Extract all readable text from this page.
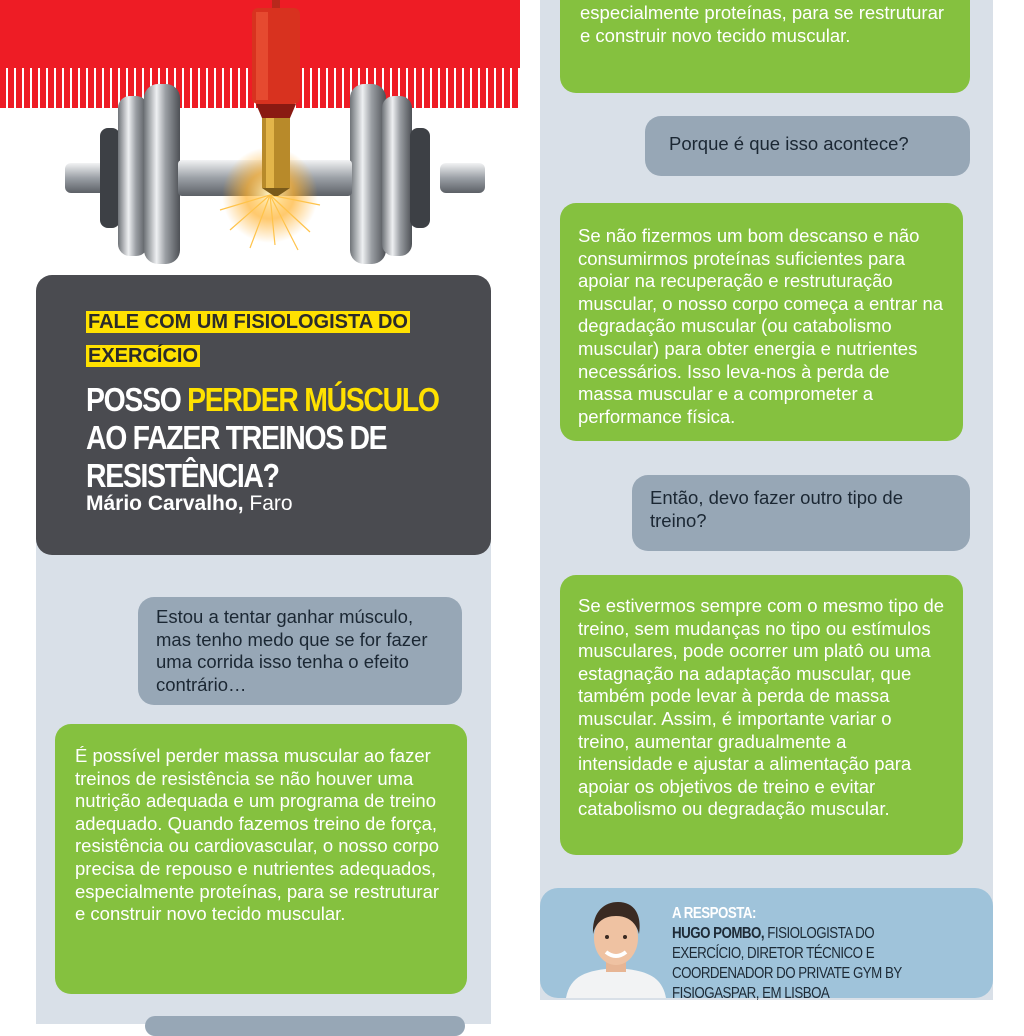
FALE COM UM FISIOLOGISTA DO EXERCÍCIO
POSSO PERDER MÚSCULO AO FAZER TREINOS DE RESISTÊNCIA?
Mário Carvalho, Faro
Estou a tentar ganhar músculo, mas tenho medo que se for fazer uma corrida isso tenha o efeito contrário…
É possível perder massa muscular ao fazer treinos de resistência se não houver uma nutrição adequada e um programa de treino adequado. Quando fazemos treino de força, resistência ou cardiovascular, o nosso corpo precisa de repouso e nutrientes adequados, especialmente proteínas, para se restruturar e construir novo tecido muscular.
especialmente proteínas, para se restruturar e construir novo tecido muscular.
Porque é que isso acontece?
Se não fizermos um bom descanso e não consumirmos proteínas suficientes para apoiar na recuperação e restruturação muscular, o nosso corpo começa a entrar na degradação muscular (ou catabolismo muscular) para obter energia e nutrientes necessários. Isso leva-nos à perda de massa muscular e a comprometer a performance física.
Então, devo fazer outro tipo de treino?
Se estivermos sempre com o mesmo tipo de treino, sem mudanças no tipo ou estímulos musculares, pode ocorrer um platô ou uma estagnação na adaptação muscular, que também pode levar à perda de massa muscular. Assim, é importante variar o treino, aumentar gradualmente a intensidade e ajustar a alimentação para apoiar os objetivos de treino e evitar catabolismo ou degradação muscular.
A RESPOSTA:
HUGO POMBO, FISIOLOGISTA DO EXERCÍCIO, DIRETOR TÉCNICO E COORDENADOR DO PRIVATE GYM BY FISIOGASPAR, EM LISBOA
